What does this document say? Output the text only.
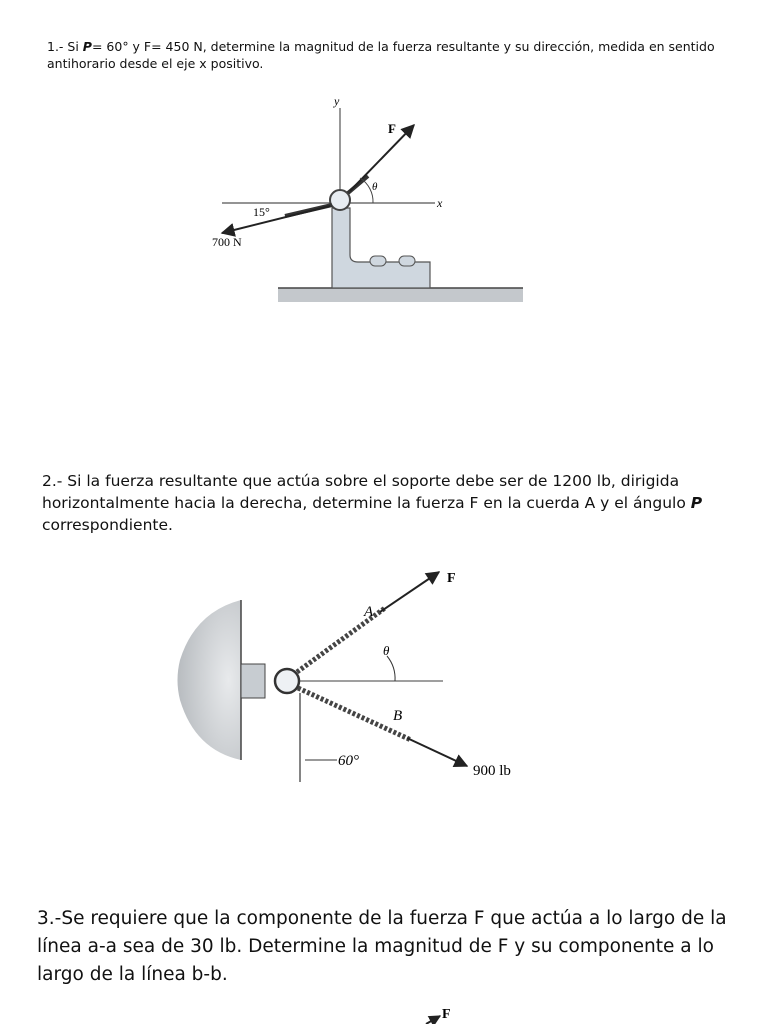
1.- Si P= 60° y F= 450 N, determine la magnitud de la fuerza resultante y su dirección, medida en sentido antihorario desde el eje x positivo.

y
x
F
θ
15°
700 N

2.- Si la fuerza resultante que actúa sobre el soporte debe ser de 1200 lb, dirigida horizontalmente hacia la derecha, determine la fuerza F en la cuerda A y el ángulo P correspondiente.

F
A
θ
B
900 lb
60°

3.-Se requiere que la componente de la fuerza F que actúa a lo largo de la línea a-a sea de 30 lb. Determine la magnitud de F y su componente a lo largo de la línea b-b.

F
